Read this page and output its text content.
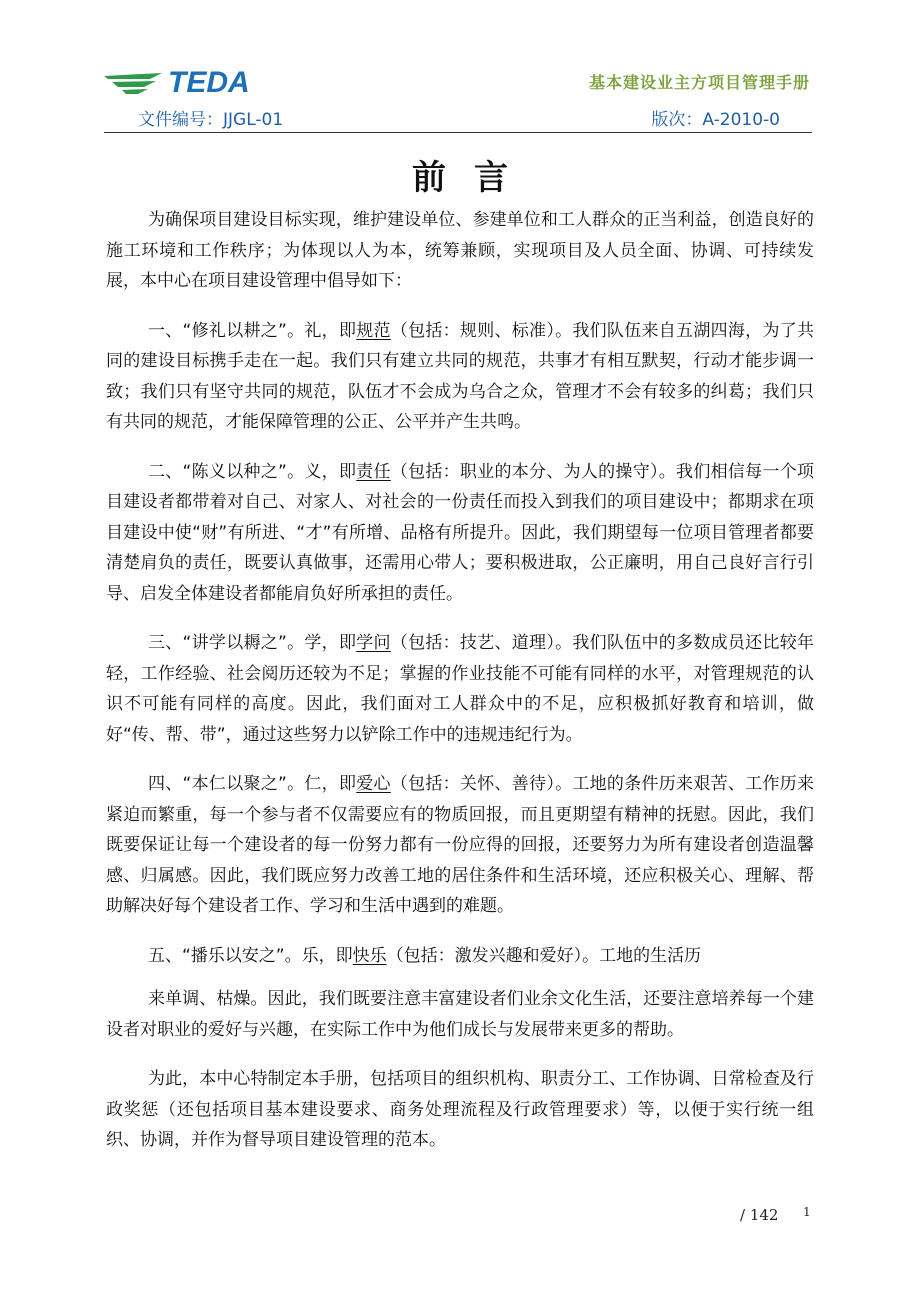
TEDA	基本建设业主方项目管理手册
文件编号：JJGL-01	版次：A-2010-0
前言

为确保项目建设目标实现，维护建设单位、参建单位和工人群众的正当利益，创造良好的施工环境和工作秩序；为体现以人为本，统筹兼顾，实现项目及人员全面、协调、可持续发展，本中心在项目建设管理中倡导如下：

一、“修礼以耕之”。礼，即规范（包括：规则、标准）。我们队伍来自五湖四海，为了共同的建设目标携手走在一起。我们只有建立共同的规范，共事才有相互默契，行动才能步调一致；我们只有坚守共同的规范，队伍才不会成为乌合之众，管理才不会有较多的纠葛；我们只有共同的规范，才能保障管理的公正、公平并产生共鸣。

二、“陈义以种之”。义，即责任（包括：职业的本分、为人的操守）。我们相信每一个项目建设者都带着对自己、对家人、对社会的一份责任而投入到我们的项目建设中；都期求在项目建设中使“财”有所进、“才”有所增、品格有所提升。因此，我们期望每一位项目管理者都要清楚肩负的责任，既要认真做事，还需用心带人；要积极进取，公正廉明，用自己良好言行引导、启发全体建设者都能肩负好所承担的责任。

三、“讲学以耨之”。学，即学问（包括：技艺、道理）。我们队伍中的多数成员还比较年轻，工作经验、社会阅历还较为不足；掌握的作业技能不可能有同样的水平，对管理规范的认识不可能有同样的高度。因此，我们面对工人群众中的不足，应积极抓好教育和培训，做好“传、帮、带”，通过这些努力以铲除工作中的违规违纪行为。

四、“本仁以聚之”。仁，即爱心（包括：关怀、善待）。工地的条件历来艰苦、工作历来紧迫而繁重，每一个参与者不仅需要应有的物质回报，而且更期望有精神的抚慰。因此，我们既要保证让每一个建设者的每一份努力都有一份应得的回报，还要努力为所有建设者创造温馨感、归属感。因此，我们既应努力改善工地的居住条件和生活环境，还应积极关心、理解、帮助解决好每个建设者工作、学习和生活中遇到的难题。

五、“播乐以安之”。乐，即快乐（包括：激发兴趣和爱好）。工地的生活历

来单调、枯燥。因此，我们既要注意丰富建设者们业余文化生活，还要注意培养每一个建设者对职业的爱好与兴趣，在实际工作中为他们成长与发展带来更多的帮助。

为此，本中心特制定本手册，包括项目的组织机构、职责分工、工作协调、日常检查及行政奖惩（还包括项目基本建设要求、商务处理流程及行政管理要求）等，以便于实行统一组织、协调，并作为督导项目建设管理的范本。

/ 142 1
